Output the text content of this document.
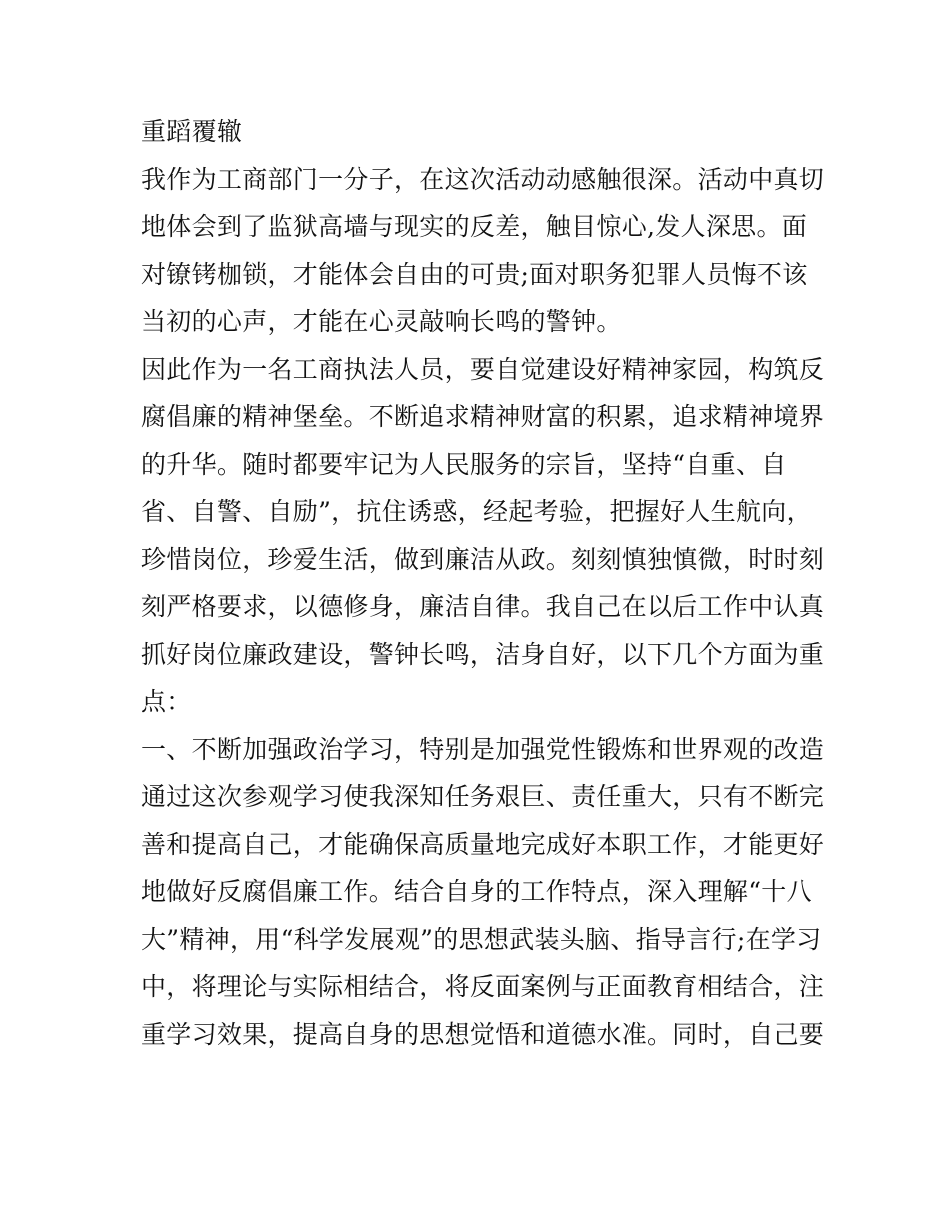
重蹈覆辙
我作为工商部门一分子，在这次活动动感触很深。活动中真切
地体会到了监狱高墙与现实的反差，触目惊心,发人深思。面
对镣铐枷锁，才能体会自由的可贵;面对职务犯罪人员悔不该
当初的心声，才能在心灵敲响长鸣的警钟。
因此作为一名工商执法人员，要自觉建设好精神家园，构筑反
腐倡廉的精神堡垒。不断追求精神财富的积累，追求精神境界
的升华。随时都要牢记为人民服务的宗旨，坚持“自重、自
省、自警、自励”，抗住诱惑，经起考验，把握好人生航向，
珍惜岗位，珍爱生活，做到廉洁从政。刻刻慎独慎微，时时刻
刻严格要求，以德修身，廉洁自律。我自己在以后工作中认真
抓好岗位廉政建设，警钟长鸣，洁身自好，以下几个方面为重
点：
一、不断加强政治学习，特别是加强党性锻炼和世界观的改造
通过这次参观学习使我深知任务艰巨、责任重大，只有不断完
善和提高自己，才能确保高质量地完成好本职工作，才能更好
地做好反腐倡廉工作。结合自身的工作特点，深入理解“十八
大”精神，用“科学发展观”的思想武装头脑、指导言行;在学习
中，将理论与实际相结合，将反面案例与正面教育相结合，注
重学习效果，提高自身的思想觉悟和道德水准。同时，自己要
